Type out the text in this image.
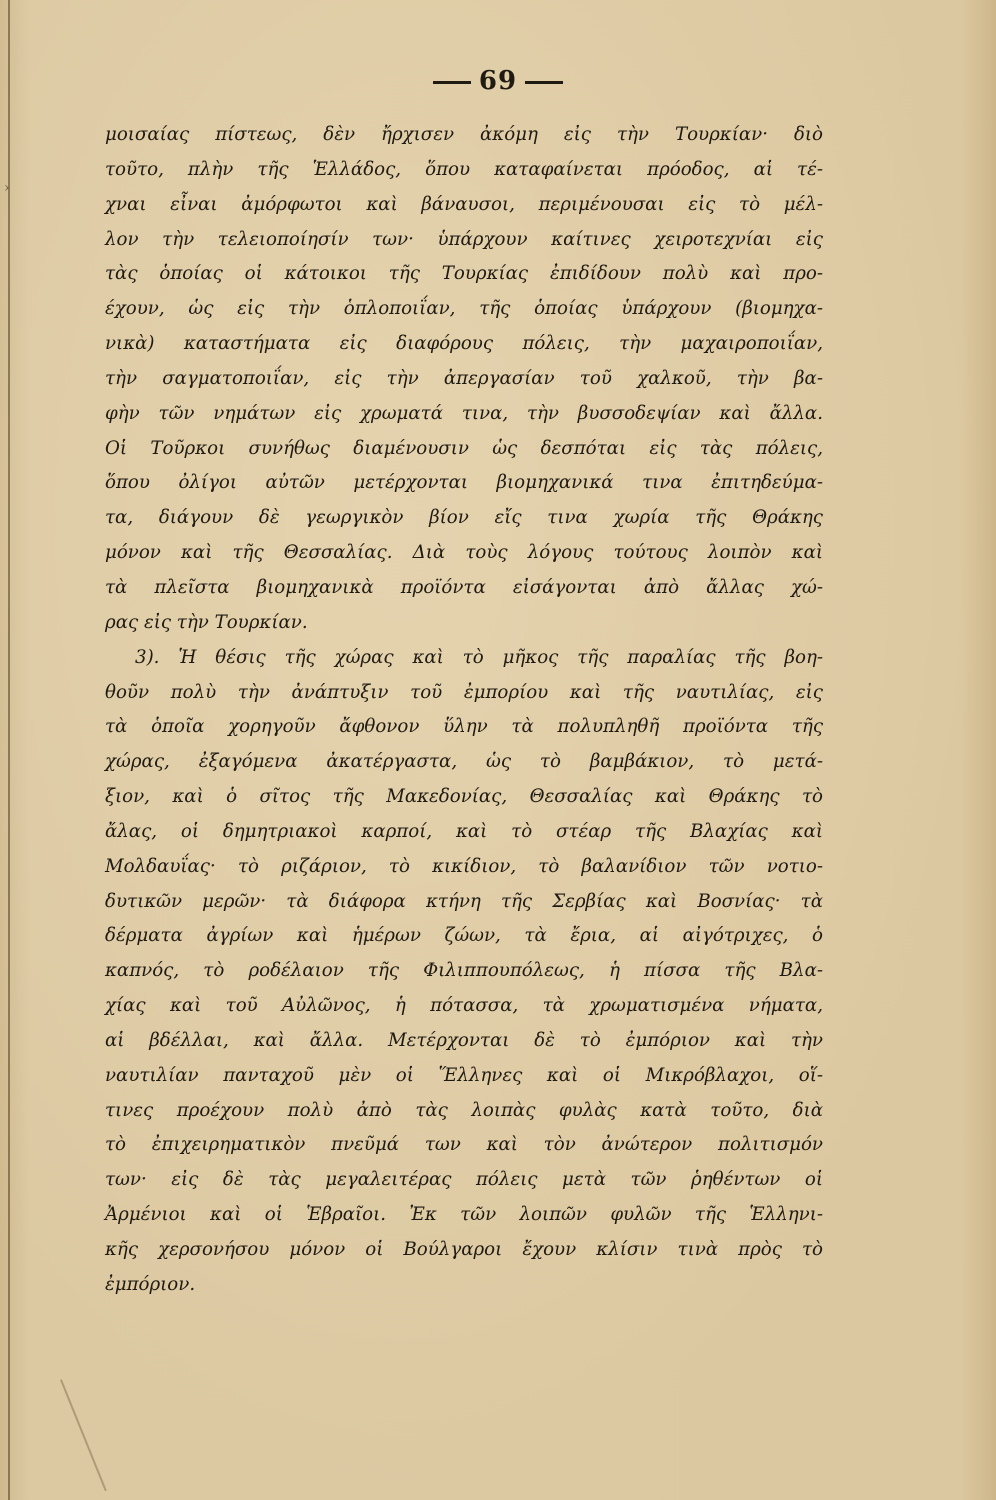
›
69
μοισαίας πίστεως, δὲν ἤρχισεν ἀκόμη εἰς τὴν Τουρκίαν· διὸ
τοῦτο, πλὴν τῆς Ἑλλάδος, ὅπου καταφαίνεται πρόοδος, αἱ τέ-
χναι εἶναι ἀμόρφωτοι καὶ βάναυσοι, περιμένουσαι εἰς τὸ μέλ-
λον τὴν τελειοποίησίν των· ὑπάρχουν καίτινες χειροτεχνίαι εἰς
τὰς ὁποίας οἱ κάτοικοι τῆς Τουρκίας ἐπιδίδουν πολὺ καὶ προ-
έχουν, ὡς εἰς τὴν ὁπλοποιΐαν, τῆς ὁποίας ὑπάρχουν (βιομηχα-
νικὰ) καταστήματα εἰς διαφόρους πόλεις, τὴν μαχαιροποιΐαν,
τὴν σαγματοποιΐαν, εἰς τὴν ἀπεργασίαν τοῦ χαλκοῦ, τὴν βα-
φὴν τῶν νημάτων εἰς χρωματά τινα, τὴν βυσσοδεψίαν καὶ ἄλλα.
Οἱ Τοῦρκοι συνήθως διαμένουσιν ὡς δεσπόται εἰς τὰς πόλεις,
ὅπου ὀλίγοι αὐτῶν μετέρχονται βιομηχανικά τινα ἐπιτηδεύμα-
τα, διάγουν δὲ γεωργικὸν βίον εἴς τινα χωρία τῆς Θράκης
μόνον καὶ τῆς Θεσσαλίας. Διὰ τοὺς λόγους τούτους λοιπὸν καὶ
τὰ πλεῖστα βιομηχανικὰ προϊόντα εἰσάγονται ἀπὸ ἄλλας χώ-
ρας εἰς τὴν Τουρκίαν.
3). Ἡ θέσις τῆς χώρας καὶ τὸ μῆκος τῆς παραλίας τῆς βοη-
θοῦν πολὺ τὴν ἀνάπτυξιν τοῦ ἐμπορίου καὶ τῆς ναυτιλίας, εἰς
τὰ ὁποῖα χορηγοῦν ἄφθονον ὕλην τὰ πολυπληθῆ προϊόντα τῆς
χώρας, ἐξαγόμενα ἀκατέργαστα, ὡς τὸ βαμβάκιον, τὸ μετά-
ξιον, καὶ ὁ σῖτος τῆς Μακεδονίας, Θεσσαλίας καὶ Θράκης τὸ
ἄλας, οἱ δημητριακοὶ καρποί, καὶ τὸ στέαρ τῆς Βλαχίας καὶ
Μολδαυΐας· τὸ ριζάριον, τὸ κικίδιον, τὸ βαλανίδιον τῶν νοτιο-
δυτικῶν μερῶν· τὰ διάφορα κτήνη τῆς Σερβίας καὶ Βοσνίας· τὰ
δέρματα ἀγρίων καὶ ἡμέρων ζώων, τὰ ἔρια, αἱ αἰγότριχες, ὁ
καπνός, τὸ ροδέλαιον τῆς Φιλιππουπόλεως, ἡ πίσσα τῆς Βλα-
χίας καὶ τοῦ Αὐλῶνος, ἡ πότασσα, τὰ χρωματισμένα νήματα,
αἱ βδέλλαι, καὶ ἄλλα. Μετέρχονται δὲ τὸ ἐμπόριον καὶ τὴν
ναυτιλίαν πανταχοῦ μὲν οἱ Ἕλληνες καὶ οἱ Μικρόβλαχοι, οἵ-
τινες προέχουν πολὺ ἀπὸ τὰς λοιπὰς φυλὰς κατὰ τοῦτο, διὰ
τὸ ἐπιχειρηματικὸν πνεῦμά των καὶ τὸν ἀνώτερον πολιτισμόν
των· εἰς δὲ τὰς μεγαλειτέρας πόλεις μετὰ τῶν ῥηθέντων οἱ
Ἀρμένιοι καὶ οἱ Ἑβραῖοι. Ἐκ τῶν λοιπῶν φυλῶν τῆς Ἑλληνι-
κῆς χερσονήσου μόνον οἱ Βούλγαροι ἔχουν κλίσιν τινὰ πρὸς τὸ
ἐμπόριον.
